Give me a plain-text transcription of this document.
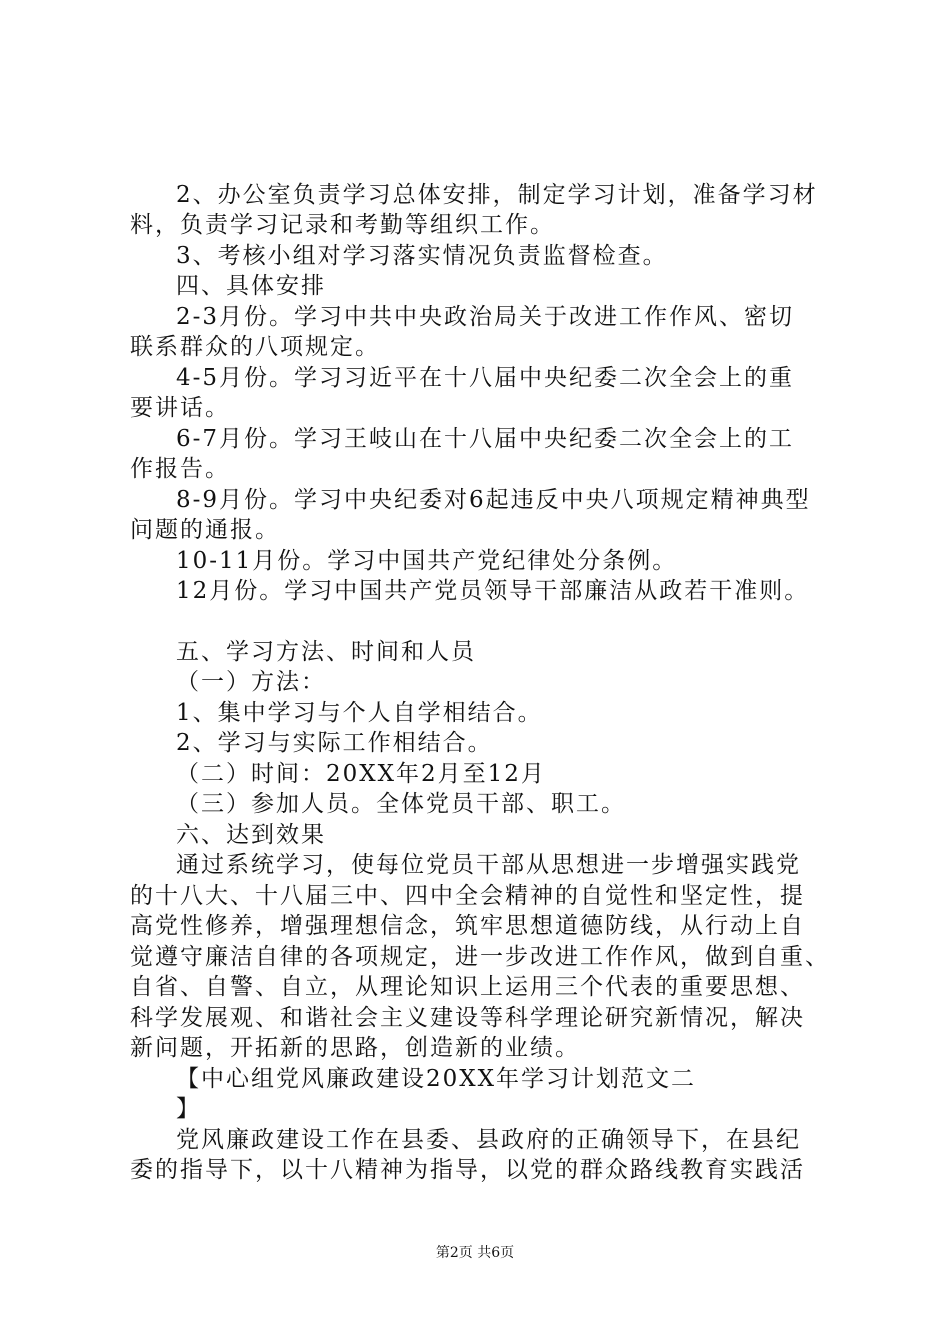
2、办公室负责学习总体安排，制定学习计划，准备学习材
料，负责学习记录和考勤等组织工作。
3、考核小组对学习落实情况负责监督检查。
四、具体安排
2-3月份。学习中共中央政治局关于改进工作作风、密切
联系群众的八项规定。
4-5月份。学习习近平在十八届中央纪委二次全会上的重
要讲话。
6-7月份。学习王岐山在十八届中央纪委二次全会上的工
作报告。
8-9月份。学习中央纪委对6起违反中央八项规定精神典型
问题的通报。
10-11月份。学习中国共产党纪律处分条例。
12月份。学习中国共产党员领导干部廉洁从政若干准则。
五、学习方法、时间和人员
（一）方法：
1、集中学习与个人自学相结合。
2、学习与实际工作相结合。
（二）时间：20XX年2月至12月
（三）参加人员。全体党员干部、职工。
六、达到效果
通过系统学习，使每位党员干部从思想进一步增强实践党
的十八大、十八届三中、四中全会精神的自觉性和坚定性，提
高党性修养，增强理想信念，筑牢思想道德防线，从行动上自
觉遵守廉洁自律的各项规定，进一步改进工作作风，做到自重、
自省、自警、自立，从理论知识上运用三个代表的重要思想、
科学发展观、和谐社会主义建设等科学理论研究新情况，解决
新问题，开拓新的思路，创造新的业绩。
【中心组党风廉政建设20XX年学习计划范文二
】
党风廉政建设工作在县委、县政府的正确领导下，在县纪
委的指导下，以十八精神为指导，以党的群众路线教育实践活
第2页 共6页
